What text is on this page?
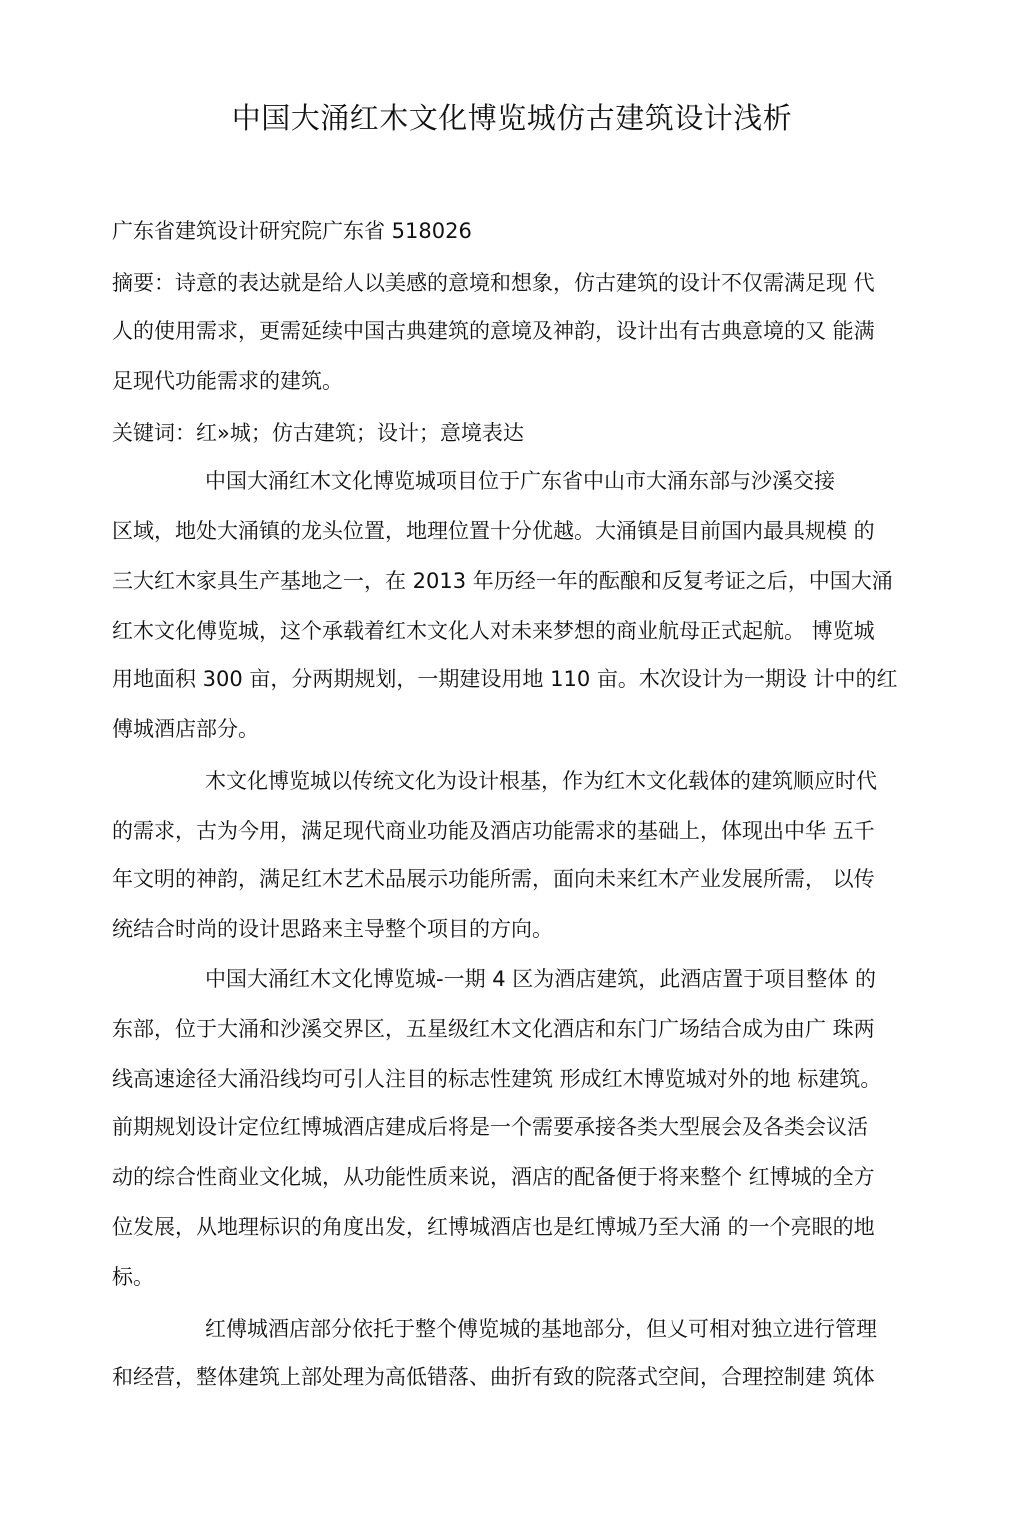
中国大涌红木文化博览城仿古建筑设计浅析

广东省建筑设计研究院广东省 518026

摘要：诗意的表达就是给人以美感的意境和想象，仿古建筑的设计不仅需满足现 代

人的使用需求，更需延续中国古典建筑的意境及神韵，设计出有古典意境的又 能满

足现代功能需求的建筑。

关键词：红»城；仿古建筑；设计；意境表达

中国大涌红木文化博览城项目位于广东省中山市大涌东部与沙溪交接

区域，地处大涌镇的龙头位置，地理位置十分优越。大涌镇是目前国内最具规模 的

三大红木家具生产基地之一，在 2013 年历经一年的酝酿和反复考证之后，中国大涌

红木文化傅览城，这个承载着红木文化人对未来梦想的商业航母正式起航。 博览城

用地面积 300 亩，分两期规划，一期建设用地 110 亩。木次设计为一期设 计中的红

傅城酒店部分。

木文化博览城以传统文化为设计根基，作为红木文化载体的建筑顺应时代

的需求，古为今用，满足现代商业功能及酒店功能需求的基础上，体现出中华 五千

年文明的神韵，满足红木艺术品展示功能所需，面向未来红木产业发展所需， 以传

统结合时尚的设计思路来主导整个项目的方向。

中国大涌红木文化博览城-一期 4 区为酒店建筑，此酒店置于项目整体 的

东部，位于大涌和沙溪交界区，五星级红木文化酒店和东门广场结合成为由广 珠两

线高速途径大涌沿线均可引人注目的标志性建筑 形成红木博览城对外的地 标建筑。

前期规划设计定位红博城酒店建成后将是一个需要承接各类大型展会及各类会议活

动的综合性商业文化城，从功能性质来说，酒店的配备便于将来整个 红博城的全方

位发展，从地理标识的角度出发，红博城酒店也是红博城乃至大涌 的一个亮眼的地

标。

红傅城酒店部分依托于整个傅览城的基地部分，但乂可相对独立进行管理

和经营，整体建筑上部处理为高低错落、曲折有致的院落式空间，合理控制建 筑体
